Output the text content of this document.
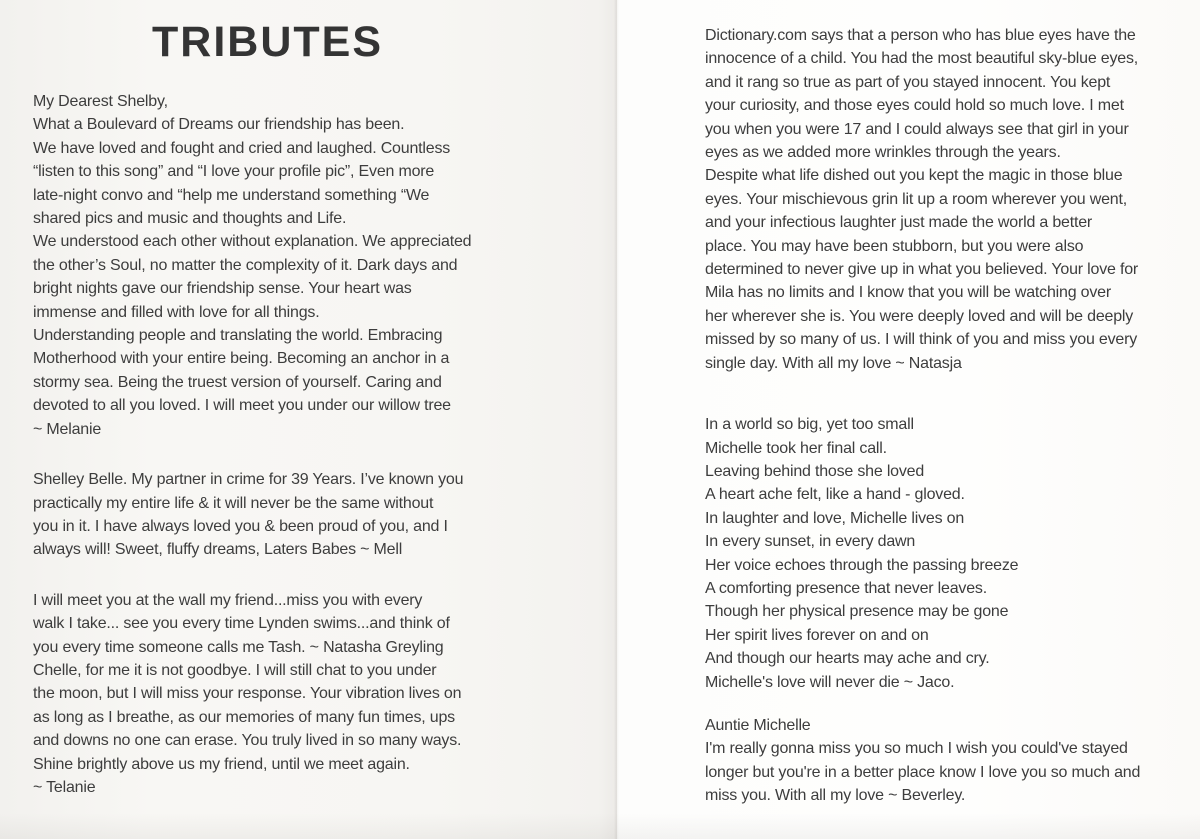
TRIBUTES
My Dearest Shelby,
What a Boulevard of Dreams our friendship has been.
We have loved and fought and cried and laughed. Countless
“listen to this song” and “I love your profile pic”, Even more
late-night convo and “help me understand something “We
shared pics and music and thoughts and Life.
We understood each other without explanation. We appreciated
the other’s Soul, no matter the complexity of it. Dark days and
bright nights gave our friendship sense. Your heart was
immense and filled with love for all things.
Understanding people and translating the world. Embracing
Motherhood with your entire being. Becoming an anchor in a
stormy sea. Being the truest version of yourself. Caring and
devoted to all you loved. I will meet you under our willow tree
~ Melanie
Shelley Belle. My partner in crime for 39 Years. I’ve known you
practically my entire life & it will never be the same without
you in it. I have always loved you & been proud of you, and I
always will! Sweet, fluffy dreams, Laters Babes ~ Mell
I will meet you at the wall my friend...miss you with every
walk I take... see you every time Lynden swims...and think of
you every time someone calls me Tash. ~ Natasha Greyling
Chelle, for me it is not goodbye. I will still chat to you under
the moon, but I will miss your response. Your vibration lives on
as long as I breathe, as our memories of many fun times, ups
and downs no one can erase. You truly lived in so many ways.
Shine brightly above us my friend, until we meet again.
~ Telanie
Dictionary.com says that a person who has blue eyes have the
innocence of a child. You had the most beautiful sky-blue eyes,
and it rang so true as part of you stayed innocent. You kept
your curiosity, and those eyes could hold so much love. I met
you when you were 17 and I could always see that girl in your
eyes as we added more wrinkles through the years.
Despite what life dished out you kept the magic in those blue
eyes. Your mischievous grin lit up a room wherever you went,
and your infectious laughter just made the world a better
place. You may have been stubborn, but you were also
determined to never give up in what you believed. Your love for
Mila has no limits and I know that you will be watching over
her wherever she is. You were deeply loved and will be deeply
missed by so many of us. I will think of you and miss you every
single day. With all my love ~ Natasja
In a world so big, yet too small
Michelle took her final call.
Leaving behind those she loved
A heart ache felt, like a hand - gloved.
In laughter and love, Michelle lives on
In every sunset, in every dawn
Her voice echoes through the passing breeze
A comforting presence that never leaves.
Though her physical presence may be gone
Her spirit lives forever on and on
And though our hearts may ache and cry.
Michelle's love will never die ~ Jaco.
Auntie Michelle
I'm really gonna miss you so much I wish you could've stayed
longer but you're in a better place know I love you so much and
miss you. With all my love ~ Beverley.
